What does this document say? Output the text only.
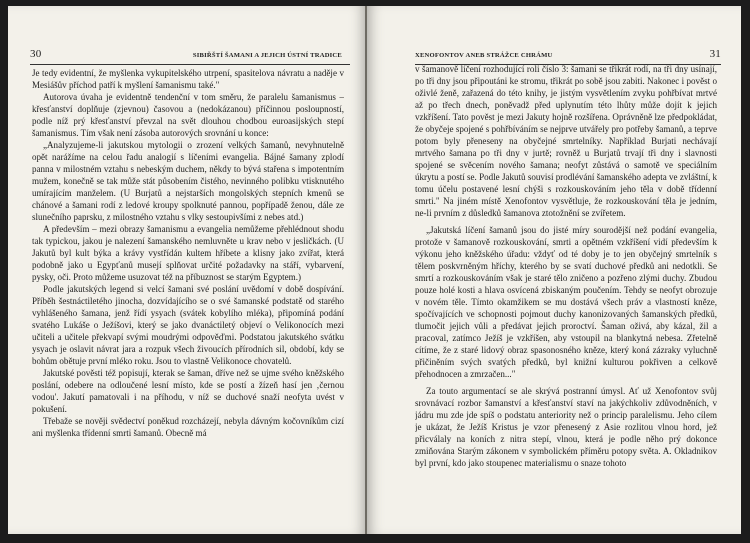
30	SIBIŘŠTÍ ŠAMANI A JEJICH ÚSTNÍ TRADICE

Je tedy evidentní, že myšlenka vykupitelského utrpení, spasitelova návratu a naděje v Mesiášův příchod patří k myšlení šamanismu také."

Autorova úvaha je evidentně tendenční v tom směru, že paralelu šamanismus – křesťanství doplňuje (zjevnou) časovou a (nedokázanou) příčinnou posloupností, podle níž prý křesťanství převzal na svět dlouhou chodbou euroasijských stepí šamanismus. Tím však není zásoba autorových srovnání u konce:

„Analyzujeme-li jakutskou mytologii o zrození velkých šamanů, nevyhnutelně opět narážíme na celou řadu analogií s líčeními evangelia. Bájné šamany zplodí panna v milostném vztahu s nebeským duchem, někdy to bývá stařena s impotentním mužem, konečně se tak může stát působením čistého, nevinného polibku vtisknutého umírajícím manželem. (U Burjatů a nejstarších mongolských stepních kmenů se chánové a šamani rodí z ledové kroupy spolknuté pannou, popřípadě ženou, dále ze slunečního paprsku, z milostného vztahu s vlky sestoupivšími z nebes atd.)

A především – mezi obrazy šamanismu a evangelia nemůžeme přehlédnout shodu tak typickou, jakou je nalezení šamanského nemluvněte u krav nebo v jesličkách. (U Jakutů byl kult býka a krávy vystřídán kultem hříbete a klisny jako zvířat, která podobně jako u Egypťanů musejí splňovat určité požadavky na stáří, vybarvení, pysky, oči. Proto můžeme usuzovat též na příbuznost se starým Egyptem.)

Podle jakutských legend si velcí šamani své poslání uvědomí v době dospívání. Příběh šestnáctiletého jinocha, dozvídajícího se o své šamanské podstatě od starého vyhlášeného šamana, jenž řídí ysyach (svátek kobylího mléka), připomíná podání svatého Lukáše o Ježíšovi, který se jako dvanáctiletý objeví o Velikonocích mezi učiteli a učitele překvapí svými moudrými odpověďmi. Podstatou jakutského svátku ysyach je oslavit návrat jara a rozpuk všech živoucích přírodních sil, období, kdy se bohům obětuje první mléko roku. Jsou to vlastně Velikonoce chovatelů.

Jakutské pověsti též popisují, kterak se šaman, dříve než se ujme svého kněžského poslání, odebere na odloučené lesní místo, kde se postí a žízeň hasí jen ‚černou vodou'. Jakutí pamatovali i na příhodu, v níž se duchové snaží neofyta uvést v pokušení.

Třebaže se nověji svědectví poněkud rozcházejí, nebyla dávným kočovníkům cizí ani myšlenka třídenní smrti šamanů. Obecně má

XENOFONTOV ANEB STRÁŽCE CHRÁMU	31

v šamanově líčení rozhodující roli číslo 3: šamani se třikrát rodí, na tři dny usínají, po tři dny jsou připoutáni ke stromu, třikrát po sobě jsou zabiti. Nakonec i pověst o oživlé ženě, zařazená do této knihy, je jistým vysvětlením zvyku pohřbívat mrtvé až po třech dnech, poněvadž před uplynutím této lhůty může dojít k jejich vzkříšení. Tato pověst je mezi Jakuty hojně rozšířena. Oprávněně lze předpokládat, že obyčeje spojené s pohřbíváním se nejprve utvářely pro potřeby šamanů, a teprve potom byly přeneseny na obyčejné smrtelníky. Například Burjati nechávají mrtvého šamana po tři dny v jurtě; rovněž u Burjatů trvají tři dny i slavnosti spojené se svěcením nového šamana; neofyt zůstává o samotě ve speciálním úkrytu a postí se. Podle Jakutů souvisí prodlévání šamanského adepta ve zvláštní, k tomu účelu postavené lesní chýši s rozkouskováním jeho těla v době třídenní smrti." Na jiném místě Xenofontov vysvětluje, že rozkouskování těla je jedním, ne-li prvním z důsledků šamanova ztotožnění se zvířetem.

„Jakutská líčení šamanů jsou do jisté míry sourodější než podání evangelia, protože v šamanově rozkouskování, smrti a opětném vzkříšení vidí především k výkonu jeho kněžského úřadu: vždyť od té doby je to jen obyčejný smrtelník s tělem poskvrněným hříchy, kterého by se svatí duchové předků ani nedotkli. Se smrtí a rozkouskováním však je staré tělo zničeno a pozřeno zlými duchy. Zbudou pouze holé kosti a hlava osvícená zbiskaným poučením. Tehdy se neofyt obrozuje v novém těle. Tímto okamžikem se mu dostává všech práv a vlastností kněze, spočívajících ve schopnosti pojmout duchy kanonizovaných šamanských předků, tlumočit jejich vůli a předávat jejich proroctví. Šaman oživá, aby kázal, žil a pracoval, zatímco Ježíš je vzkříšen, aby vstoupil na blankytná nebesa. Zřetelně cítíme, že z staré lidový obraz spasonosného kněze, který koná zázraky vyluchně přičiněním svých svatých předků, byl knižní kulturou pokřiven a celkově přehodnocen a zmrzačen..."

Za touto argumentací se ale skrývá postranní úmysl. Ať už Xenofontov svůj srovnávací rozbor šamanství a křesťanství staví na jakýchkoliv zdůvodněních, v jádru mu zde jde spíš o podstatu anteriority než o princip paralelismu. Jeho cílem je ukázat, že Ježíš Kristus je vzor přenesený z Asie rozlitou vlnou hord, jež přicválaly na koních z nitra stepí, vlnou, která je podle něho prý dokonce zmiňována Starým zákonem v symbolickém příměru potopy světa. A. Okladnikov byl první, kdo jako stoupenec materialismu o snaze tohoto
